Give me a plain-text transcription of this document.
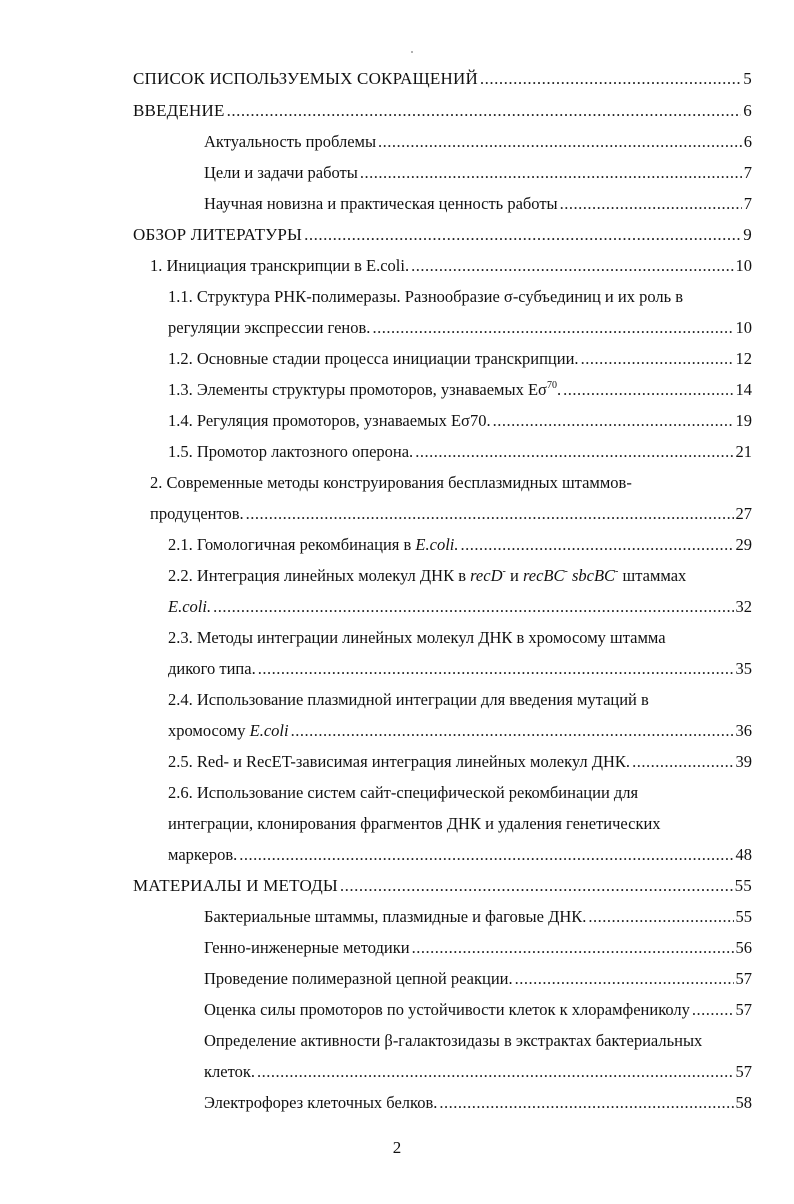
СПИСОК ИСПОЛЬЗУЕМЫХ СОКРАЩЕНИЙ .....	5
ВВЕДЕНИЕ .....	6
Актуальность проблемы .....	6
Цели и задачи работы .....	7
Научная новизна и практическая ценность работы .....	7
ОБЗОР ЛИТЕРАТУРЫ .....	9
1. Инициация транскрипции в E.coli. .....	10
1.1. Структура РНК-полимеразы. Разнообразие σ-субъединиц и их роль в
регуляции экспрессии генов. .....	10
1.2. Основные стадии процесса инициации транскрипции. .....	12
1.3. Элементы структуры промоторов, узнаваемых $E\sigma^{70}$. .....	14
1.4. Регуляция промоторов, узнаваемых Eσ70. .....	19
1.5. Промотор лактозного оперона. .....	21
2. Современные методы конструирования бесплазмидных штаммов-
продуцентов. .....	27
2.1. Гомологичная рекомбинация в E.coli. .....	29
2.2. Интеграция линейных молекул ДНК в recD- и recBC- sbcBC- штаммах
E.coli. .....	32
2.3. Методы интеграции линейных молекул ДНК в хромосому штамма
дикого типа. .....	35
2.4. Использование плазмидной интеграции для введения мутаций в
хромосому E.coli .....	36
2.5. Red- и RecET-зависимая интеграция линейных молекул ДНК. .....	39
2.6. Использование систем сайт-специфической рекомбинации для
интеграции, клонирования фрагментов ДНК и удаления генетических
маркеров. .....	48
МАТЕРИАЛЫ И МЕТОДЫ .....	55
Бактериальные штаммы, плазмидные и фаговые ДНК. .....	55
Генно-инженерные методики .....	56
Проведение полимеразной цепной реакции. .....	57
Оценка силы промоторов по устойчивости клеток к хлорамфениколу .....	57
Определение активности β-галактозидазы в экстрактах бактериальных
клеток. .....	57
Электрофорез клеточных белков. .....	58
2
